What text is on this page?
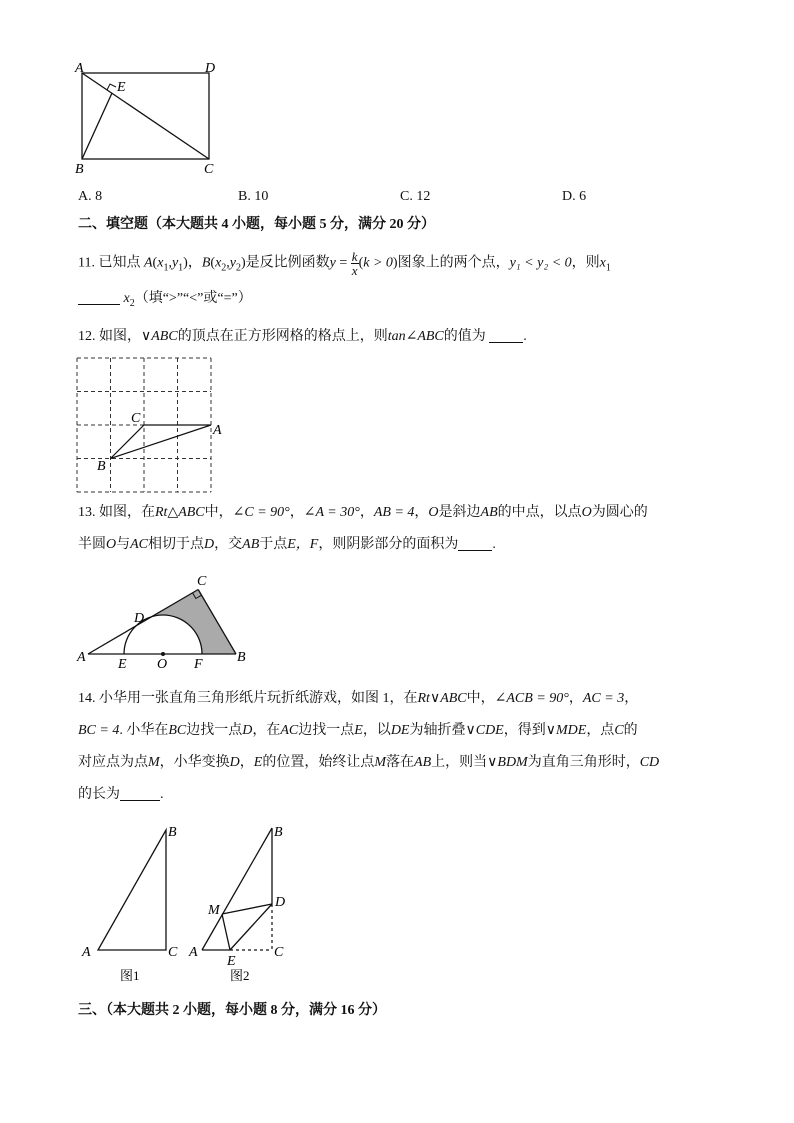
A	D
E
B	C
A. 8	B. 10	C. 12	D. 6
二、填空题（本大题共 4 小题，每小题 5 分，满分 20 分）
11. 已知点 $A(x_1,y_1)$，$B(x_2,y_2)$是反比例函数$y = \frac{k}{x} (k > 0)$图象上的两个点，y₁ < y₂ < 0，则$x_1$
$x_2$（填“>”“<”或“=”）
12. 如图，∨ABC的顶点在正方形网格的格点上，则tan∠ABC的值为	.
C
A
B
13. 如图，在Rt△ABC中，∠C = 90°，∠A = 30°，AB = 4，O是斜边AB的中点，以点O为圆心的
半圆O与AC相切于点D，交AB于点E，F，则阴影部分的面积为 .
C
D
A E O F B
14. 小华用一张直角三角形纸片玩折纸游戏，如图 1，在Rt∨ABC中，∠ACB = 90°，AC = 3，
BC = 4. 小华在BC边找一点D，在AC边找一点E，以DE为轴折叠∨CDE，得到∨MDE，点C的
对应点为点M，小华变换D，E的位置，始终让点M落在AB上，则当∨BDM为直角三角形时，CD
的长为	.
B
A	C
图1
B
M
D
A	C
E
图2
三、（本大题共 2 小题，每小题 8 分，满分 16 分）
